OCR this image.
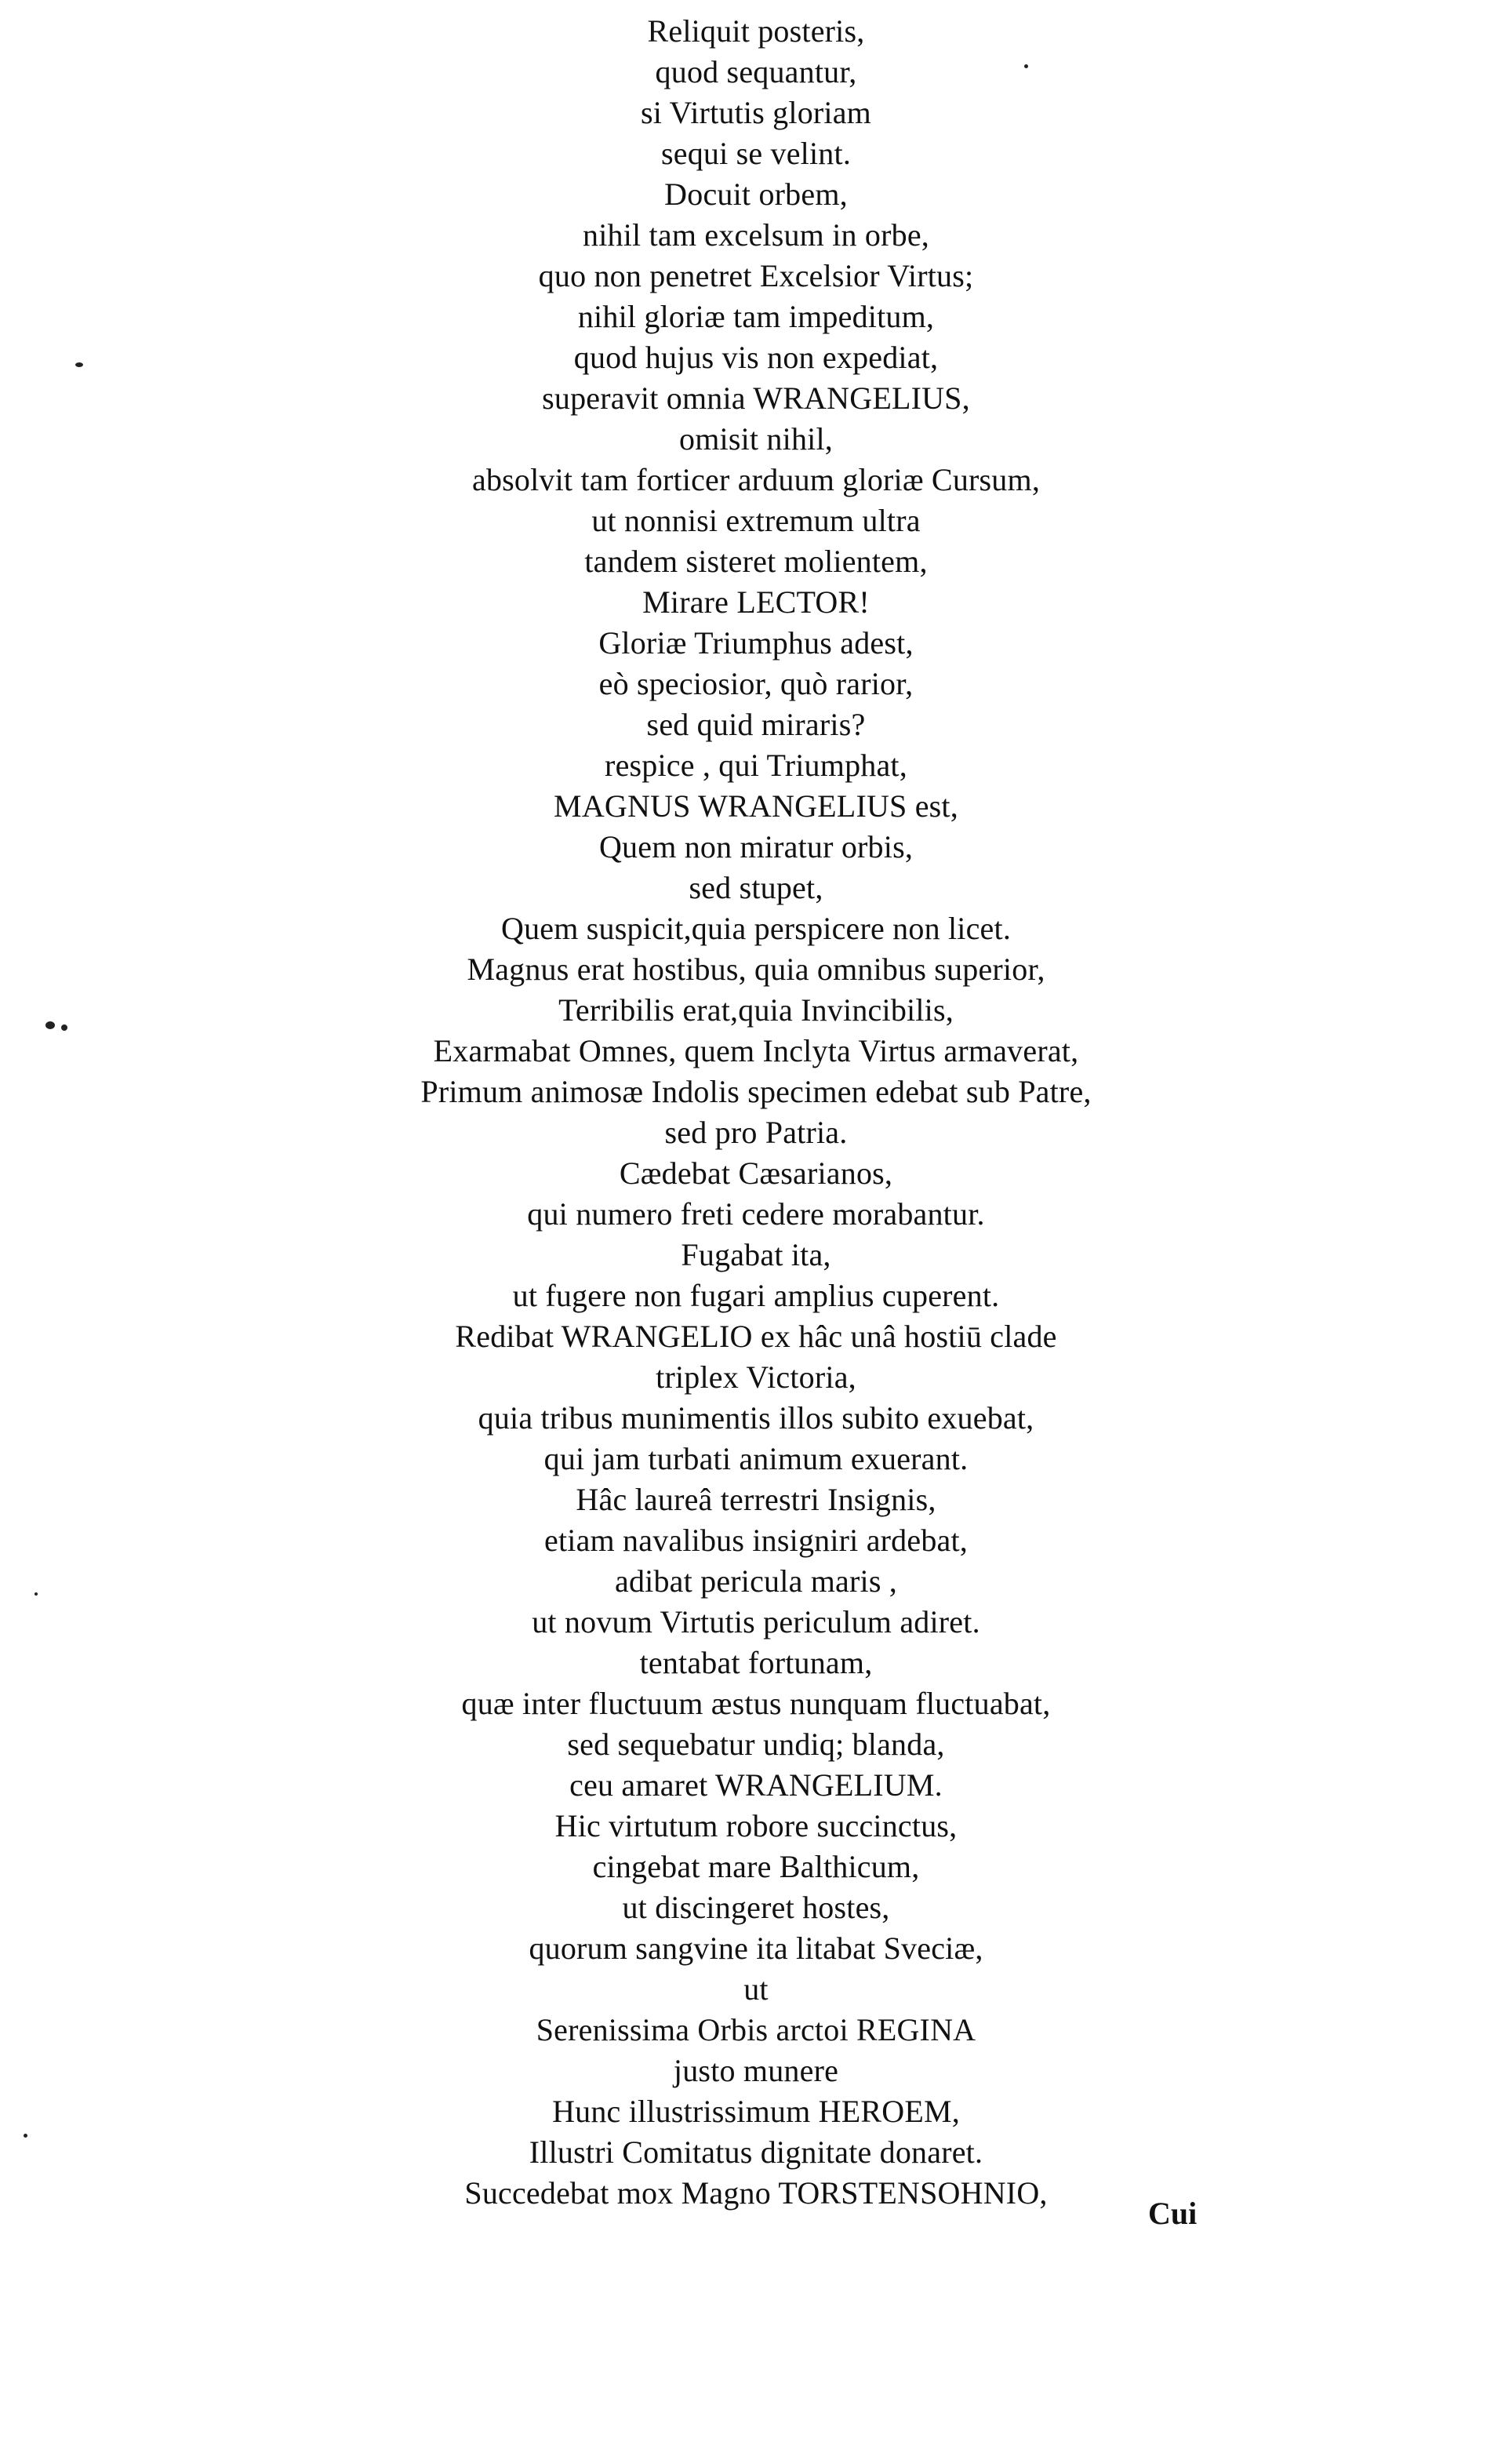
Reliquit posteris,
quod sequantur,
si Virtutis gloriam
sequi se velint.
Docuit orbem,
nihil tam excelsum in orbe,
quo non penetret Excelsior Virtus;
nihil gloriæ tam impeditum,
quod hujus vis non expediat,
superavit omnia WRANGELIUS,
omisit nihil,
absolvit tam forticer arduum gloriæ Cursum,
ut nonnisi extremum ultra
tandem sisteret molientem,
Mirare LECTOR!
Gloriæ Triumphus adest,
eò speciosior, quò rarior,
sed quid miraris?
respice , qui Triumphat,
MAGNUS WRANGELIUS est,
Quem non miratur orbis,
sed stupet,
Quem suspicit,quia perspicere non licet.
Magnus erat hostibus, quia omnibus superior,
Terribilis erat,quia Invincibilis,
Exarmabat Omnes, quem Inclyta Virtus armaverat,
Primum animosæ Indolis specimen edebat sub Patre,
sed pro Patria.
Cædebat Cæsarianos,
qui numero freti cedere morabantur.
Fugabat ita,
ut fugere non fugari amplius cuperent.
Redibat WRANGELIO ex hâc unâ hostiū clade
triplex Victoria,
quia tribus munimentis illos subito exuebat,
qui jam turbati animum exuerant.
Hâc laureâ terrestri Insignis,
etiam navalibus insigniri ardebat,
adibat pericula maris ,
ut novum Virtutis periculum adiret.
tentabat fortunam,
quæ inter fluctuum æstus nunquam fluctuabat,
sed sequebatur undiq; blanda,
ceu amaret WRANGELIUM.
Hic virtutum robore succinctus,
cingebat mare Balthicum,
ut discingeret hostes,
quorum sangvine ita litabat Sveciæ,
ut
Serenissima Orbis arctoi REGINA
justo munere
Hunc illustrissimum HEROEM,
Illustri Comitatus dignitate donaret.
Succedebat mox Magno TORSTENSOHNIO,
Cui
